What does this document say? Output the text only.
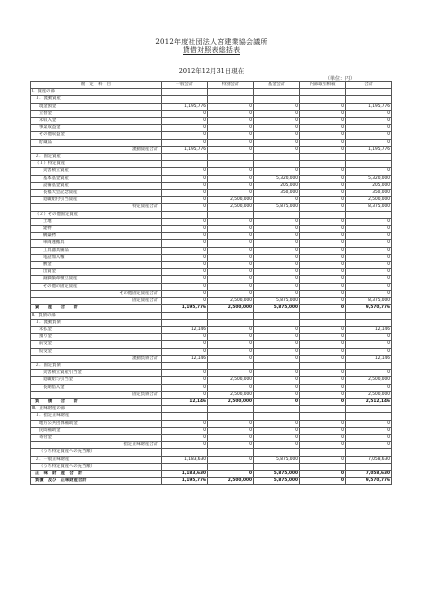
2012年度社団法人宮建業協会議所
貸借対照表総括表
2012年12月31日現在
（単位：円）
勘　定　科　目	一般会計	特別会計	基金会計	内部取引相殺	合計
Ⅰ．資産の部					
１．流動資産					
現金預金	1,195,776	0	0	0	1,195,776
立替金	0	0	0	0	0
未収入金	0	0	0	0	0
事業収益金	0	0	0	0	0
その他収益金	0	0	0	0	0
貯蔵品	0	0	0	0	0
流動資産合計	1,195,776	0	0	0	1,195,776
２．固定資産					
（１）特定資産					
災害積立資産	0	0	0	0	0
基本基金資産	0	0	5,320,000	0	5,320,000
設備基金資産	0	0	205,000	0	205,000
長福大会記念資産	0	0	350,000	0	350,000
退職給付引当資産	0	2,500,000	0	0	2,500,000
特定資産合計	0	2,500,000	5,875,000	0	8,375,000
（２）その他固定資産					
土地	0	0	0	0	0
建物	0	0	0	0	0
構築物	0	0	0	0	0
車両運搬具	0	0	0	0	0
工具器具備品	0	0	0	0	0
電話加入権	0	0	0	0	0
敷金	0	0	0	0	0
出資金	0	0	0	0	0
減価償却積立資産	0	0	0	0	0
その他の固定資産	0	0	0	0	0
その他固定資産合計	0	0	0	0	0
固定資産合計	0	2,500,000	5,875,000	0	8,375,000
資　　産　　合　　計	1,195,776	2,500,000	5,875,000	0	9,570,776
Ⅱ．負債の部					
１．流動負債					
未払金	12,146	0	0	0	12,146
預り金	0	0	0	0	0
前受金	0	0	0	0	0
仮受金	0	0	0	0	0
流動負債合計	12,146	0	0	0	12,146
２．固定負債					
災害積立資産引当金	0	0	0	0	0
退職給与引当金	0	2,500,000	0	0	2,500,000
長期借入金	0	0	0	0	0
固定負債合計	0	2,500,000	0	0	2,500,000
負　　債　　合　　計	12,146	2,500,000	0	0	2,512,146
Ⅲ．正味財産の部					
１．指定正味財産					
地方公共団体補助金	0	0	0	0	0
民間補助金	0	0	0	0	0
寄付金	0	0	0	0	0
指定正味財産合計	0	0	0	0	0
（うち特定資産への充当額）					
２．一般正味財産	1,183,630	0	5,875,000	0	7,058,630
（うち特定資産への充当額）					
正　味　財　産　合　計	1,183,630	0	5,875,000	0	7,058,630
負債　及び　正味財産合計	1,195,776	2,500,000	5,875,000	0	9,570,776
